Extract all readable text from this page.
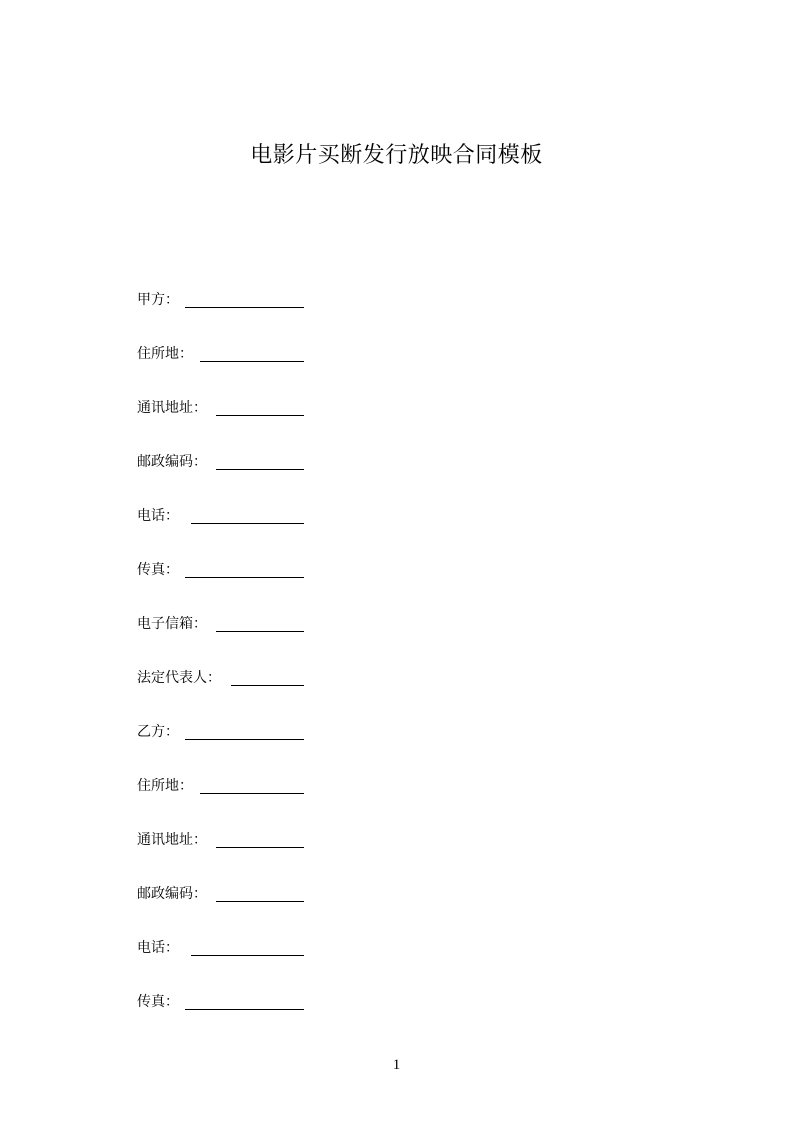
电影片买断发行放映合同模板
甲方：
住所地：
通讯地址：
邮政编码：
电话：
传真：
电子信箱：
法定代表人：
乙方：
住所地：
通讯地址：
邮政编码：
电话：
传真：
1
